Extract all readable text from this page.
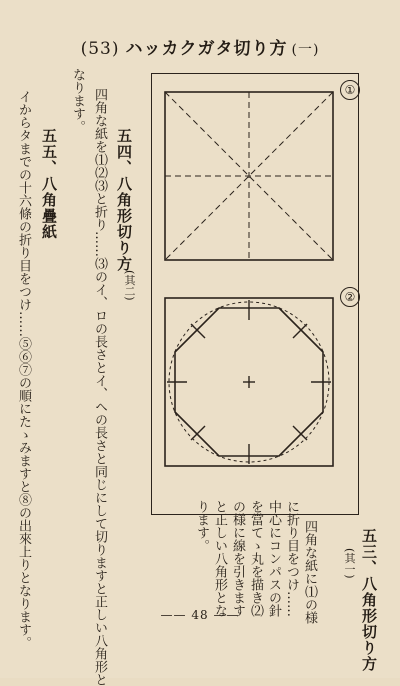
(53) ハッカクガタ切り方 (一)
五五、八角疊紙
イからタまでの十六條の折り目をつけ……⑤⑥⑦の順にたゝみますと⑧の出來上りとなります。	五四、八角形切り方
(其二)
四角な紙を⑴⑵⑶と折り……⑶のイ、ロの長さとイ、ヘの長さと同じにして切りますと正しい八角形と
なります。
五三、八角形切り方
(其一)
四角な紙に⑴の様
に折り目をつけ……
中心にコンパスの針
を當てゝ丸を描き⑵
の様に線を引きます
と正しい八角形とな
ります。
①
②
—— 48 ——
